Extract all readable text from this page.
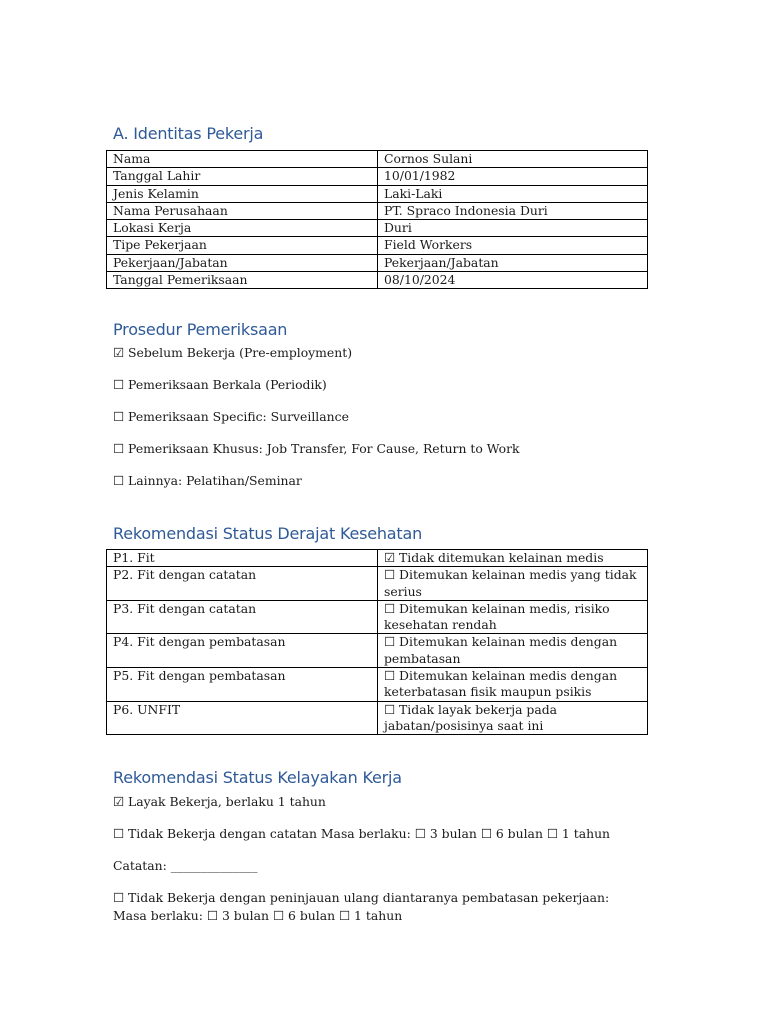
A. Identitas Pekerja
Nama	Cornos Sulani
Tanggal Lahir	10/01/1982
Jenis Kelamin	Laki-Laki
Nama Perusahaan	PT. Spraco Indonesia Duri
Lokasi Kerja	Duri
Tipe Pekerjaan	Field Workers
Pekerjaan/Jabatan	Pekerjaan/Jabatan
Tanggal Pemeriksaan	08/10/2024
Prosedur Pemeriksaan

☑ Sebelum Bekerja (Pre-employment)

☐ Pemeriksaan Berkala (Periodik)

☐ Pemeriksaan Specific: Surveillance

☐ Pemeriksaan Khusus: Job Transfer, For Cause, Return to Work

☐ Lainnya: Pelatihan/Seminar

Rekomendasi Status Derajat Kesehatan
P1. Fit	☑ Tidak ditemukan kelainan medis
P2. Fit dengan catatan	☐ Ditemukan kelainan medis yang tidak serius
P3. Fit dengan catatan	☐ Ditemukan kelainan medis, risiko kesehatan rendah
P4. Fit dengan pembatasan	☐ Ditemukan kelainan medis dengan pembatasan
P5. Fit dengan pembatasan	☐ Ditemukan kelainan medis dengan keterbatasan fisik maupun psikis
P6. UNFIT	☐ Tidak layak bekerja pada jabatan/posisinya saat ini
Rekomendasi Status Kelayakan Kerja

☑ Layak Bekerja, berlaku 1 tahun

☐ Tidak Bekerja dengan catatan Masa berlaku: ☐ 3 bulan ☐ 6 bulan ☐ 1 tahun

Catatan: ______________

☐ Tidak Bekerja dengan peninjauan ulang diantaranya pembatasan pekerjaan: Masa berlaku: ☐ 3 bulan ☐ 6 bulan ☐ 1 tahun
